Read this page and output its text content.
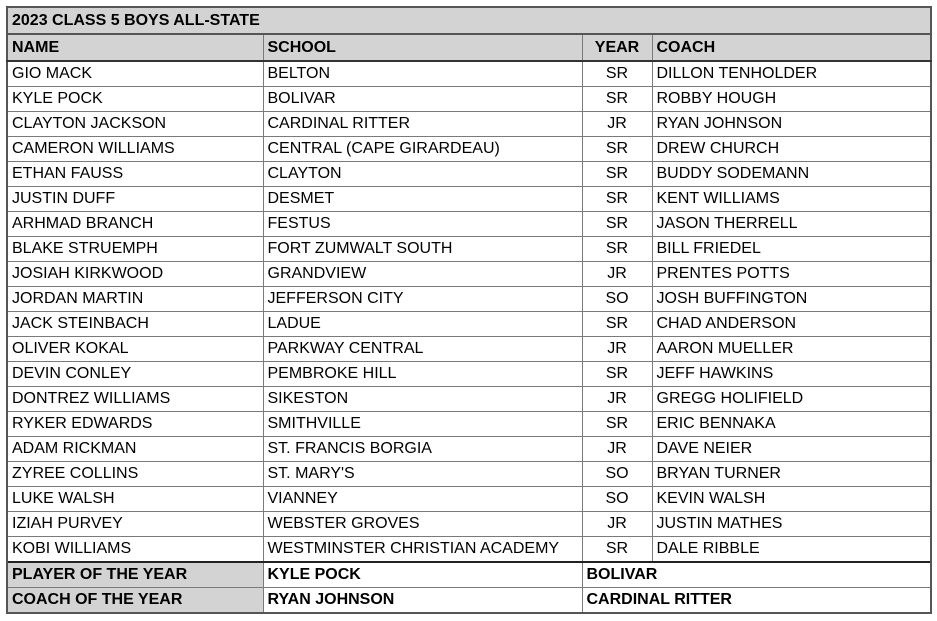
2023 CLASS 5 BOYS ALL-STATE			
NAME	SCHOOL	YEAR	COACH
GIO MACK	BELTON	SR	DILLON TENHOLDER
KYLE POCK	BOLIVAR	SR	ROBBY HOUGH
CLAYTON JACKSON	CARDINAL RITTER	JR	RYAN JOHNSON
CAMERON WILLIAMS	CENTRAL (CAPE GIRARDEAU)	SR	DREW CHURCH
ETHAN FAUSS	CLAYTON	SR	BUDDY SODEMANN
JUSTIN DUFF	DESMET	SR	KENT WILLIAMS
ARHMAD BRANCH	FESTUS	SR	JASON THERRELL
BLAKE STRUEMPH	FORT ZUMWALT SOUTH	SR	BILL FRIEDEL
JOSIAH KIRKWOOD	GRANDVIEW	JR	PRENTES POTTS
JORDAN MARTIN	JEFFERSON CITY	SO	JOSH BUFFINGTON
JACK STEINBACH	LADUE	SR	CHAD ANDERSON
OLIVER KOKAL	PARKWAY CENTRAL	JR	AARON MUELLER
DEVIN CONLEY	PEMBROKE HILL	SR	JEFF HAWKINS
DONTREZ WILLIAMS	SIKESTON	JR	GREGG HOLIFIELD
RYKER EDWARDS	SMITHVILLE	SR	ERIC BENNAKA
ADAM RICKMAN	ST. FRANCIS BORGIA	JR	DAVE NEIER
ZYREE COLLINS	ST. MARY'S	SO	BRYAN TURNER
LUKE WALSH	VIANNEY	SO	KEVIN WALSH
IZIAH PURVEY	WEBSTER GROVES	JR	JUSTIN MATHES
KOBI WILLIAMS	WESTMINSTER CHRISTIAN ACADEMY	SR	DALE RIBBLE
PLAYER OF THE YEAR	KYLE POCK	BOLIVAR	
COACH OF THE YEAR	RYAN JOHNSON	CARDINAL RITTER	
